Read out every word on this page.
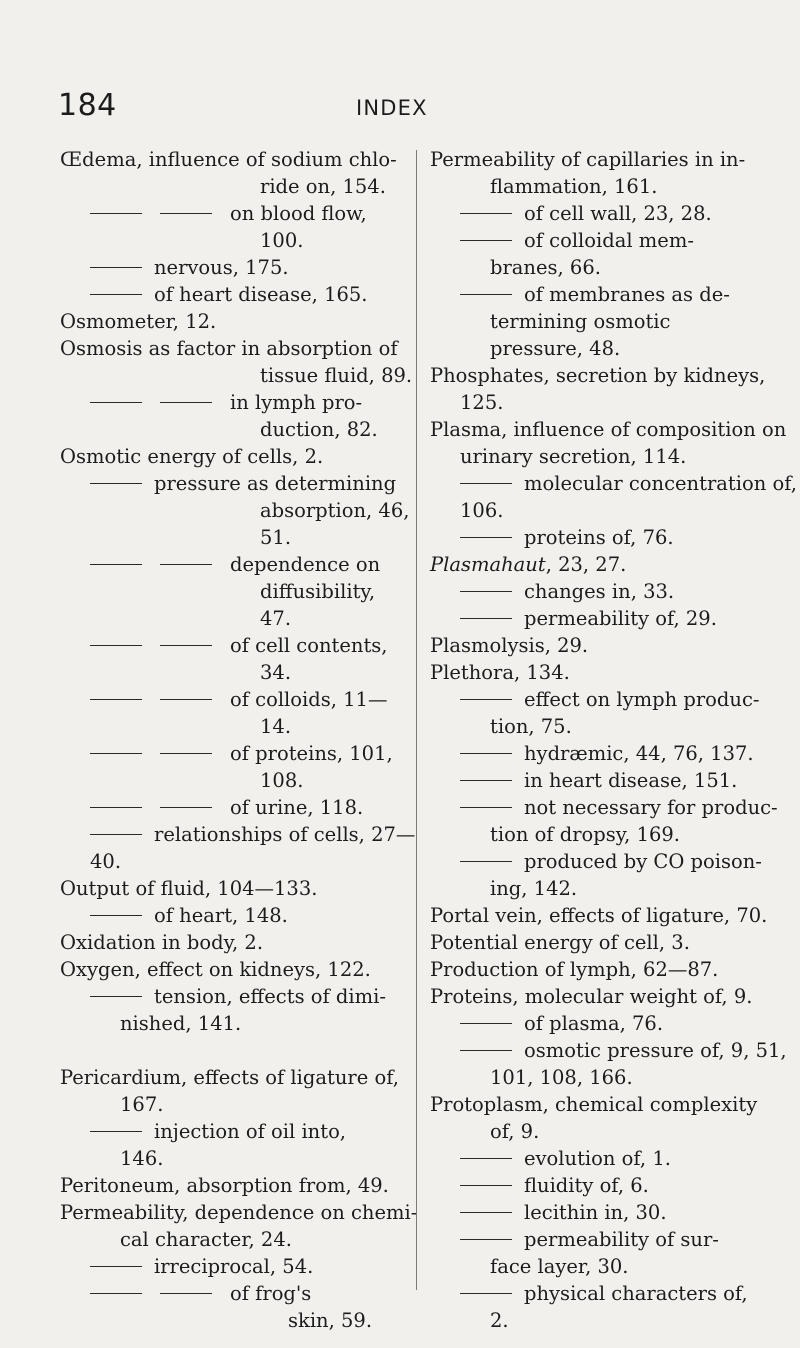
184	INDEX
Œdema, influence of sodium chlo-
ride on, 154.
on blood flow,
100.
nervous, 175.
of heart disease, 165.
Osmometer, 12.
Osmosis as factor in absorption of
tissue fluid, 89.
in lymph pro-
duction, 82.
Osmotic energy of cells, 2.
pressure as determining
absorption, 46,
51.
dependence on
diffusibility,
47.
of cell contents,
34.
of colloids, 11—
14.
of proteins, 101,
108.
of urine, 118.
relationships of cells, 27—
40.
Output of fluid, 104—133.
of heart, 148.
Oxidation in body, 2.
Oxygen, effect on kidneys, 122.
tension, effects of dimi-
nished, 141.
Pericardium, effects of ligature of,
167.
injection of oil into,
146.
Peritoneum, absorption from, 49.
Permeability, dependence on chemi-
cal character, 24.
irreciprocal, 54.
of frog's
skin, 59.
Permeability of capillaries in in-
flammation, 161.
of cell wall, 23, 28.
of colloidal mem-
branes, 66.
of membranes as de-
termining osmotic
pressure, 48.
Phosphates, secretion by kidneys,
125.
Plasma, influence of composition on
urinary secretion, 114.
molecular concentration of,
106.
proteins of, 76.
Plasmahaut, 23, 27.
changes in, 33.
permeability of, 29.
Plasmolysis, 29.
Plethora, 134.
effect on lymph produc-
tion, 75.
hydræmic, 44, 76, 137.
in heart disease, 151.
not necessary for produc-
tion of dropsy, 169.
produced by CO poison-
ing, 142.
Portal vein, effects of ligature, 70.
Potential energy of cell, 3.
Production of lymph, 62—87.
Proteins, molecular weight of, 9.
of plasma, 76.
osmotic pressure of, 9, 51,
101, 108, 166.
Protoplasm, chemical complexity
of, 9.
evolution of, 1.
fluidity of, 6.
lecithin in, 30.
permeability of sur-
face layer, 30.
physical characters of,
2.
